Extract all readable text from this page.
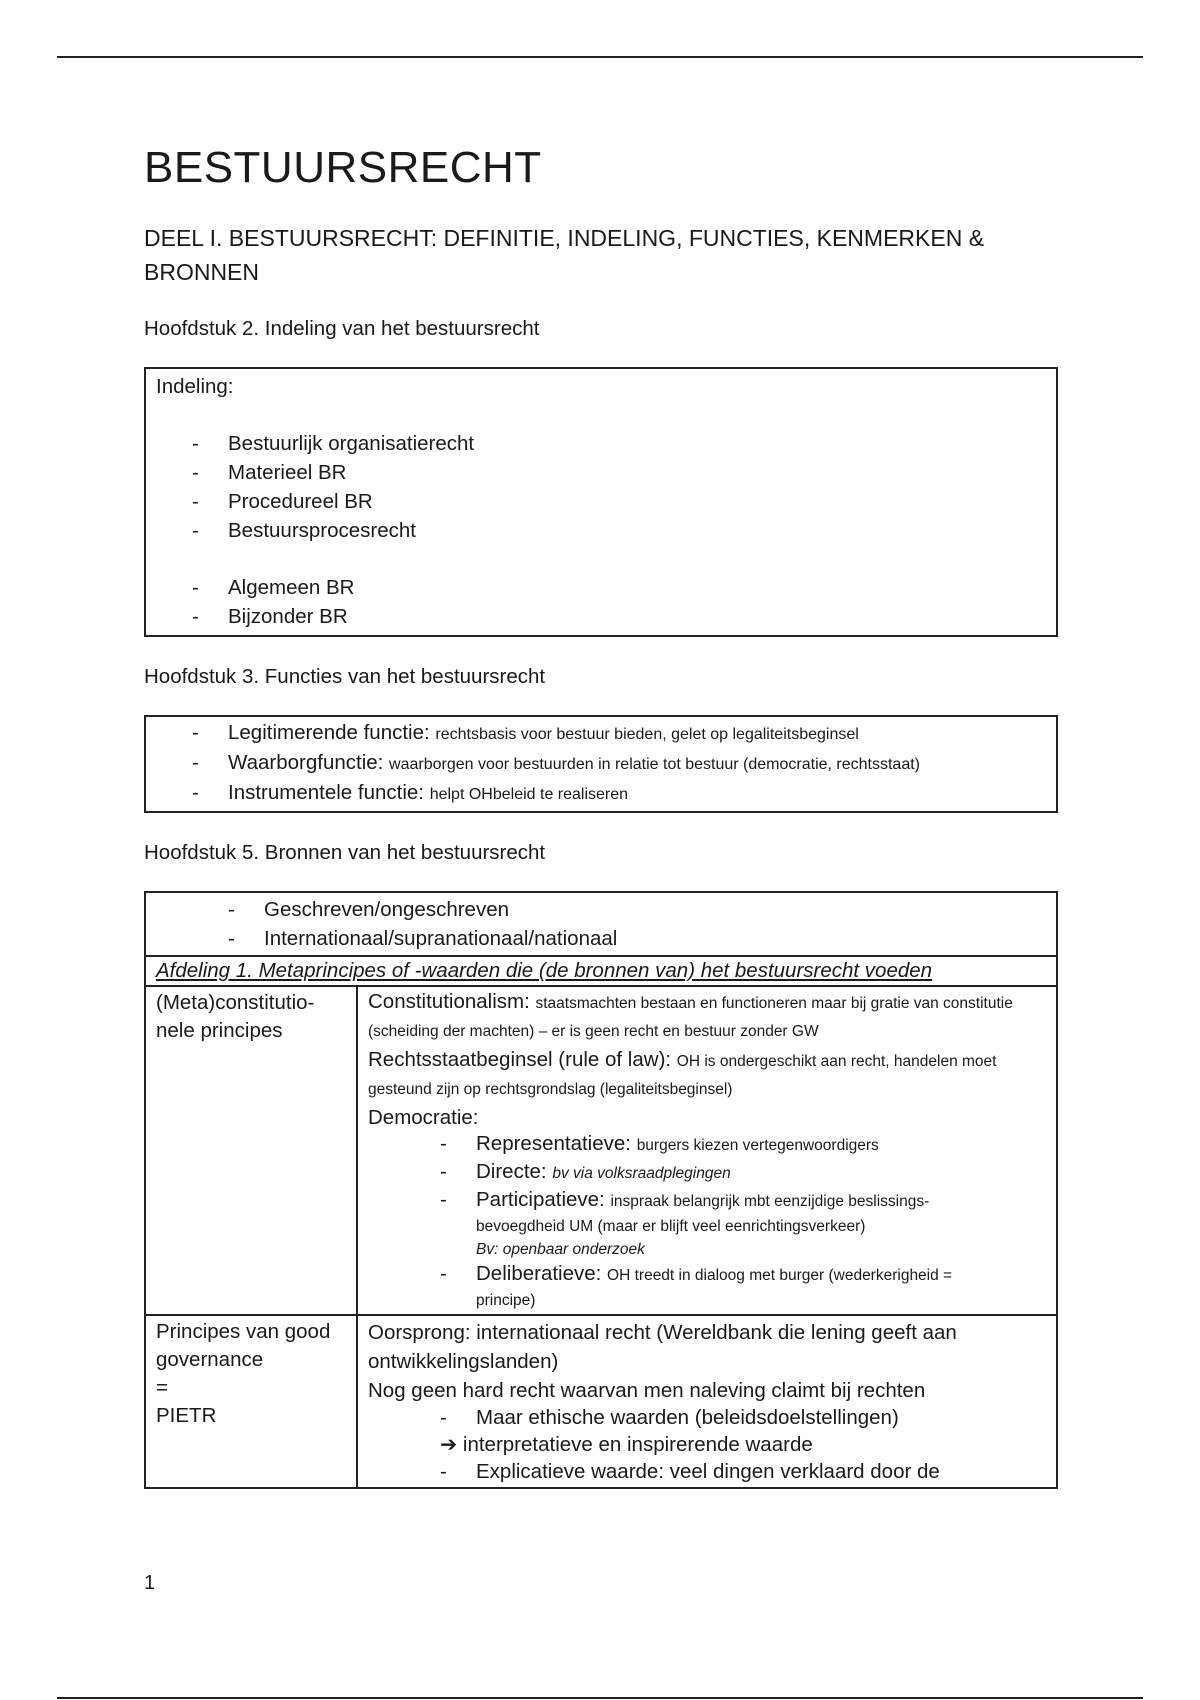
BESTUURSRECHT
DEEL I. BESTUURSRECHT: DEFINITIE, INDELING, FUNCTIES, KENMERKEN & BRONNEN
Hoofdstuk 2. Indeling van het bestuursrecht
Indeling:
- Bestuurlijk organisatierecht
- Materieel BR
- Procedureel BR
- Bestuursprocesrecht
- Algemeen BR
- Bijzonder BR
Hoofdstuk 3. Functies van het bestuursrecht
- Legitimerende functie: rechtsbasis voor bestuur bieden, gelet op legaliteitsbeginsel
- Waarborgfunctie: waarborgen voor bestuurden in relatie tot bestuur (democratie, rechtsstaat)
- Instrumentele functie: helpt OHbeleid te realiseren
Hoofdstuk 5. Bronnen van het bestuursrecht
- Geschreven/ongeschreven
- Internationaal/supranationaal/nationaal
Afdeling 1. Metaprincipes of -waarden die (de bronnen van) het bestuursrecht voeden
(Meta)constitutio-nele principes
Constitutionalism: staatsmachten bestaan en functioneren maar bij gratie van constitutie (scheiding der machten) – er is geen recht en bestuur zonder GW
Rechtsstaatbeginsel (rule of law): OH is ondergeschikt aan recht, handelen moet gesteund zijn op rechtsgrondslag (legaliteitsbeginsel)
Democratie:
- Representatieve: burgers kiezen vertegenwoordigers
- Directe: bv via volksraadplegingen
- Participatieve: inspraak belangrijk mbt eenzijdige beslissings-
bevoegdheid UM (maar er blijft veel eenrichtingsverkeer)
Bv: openbaar onderzoek
- Deliberatieve: OH treedt in dialoog met burger (wederkerigheid =
principe)
Principes van good governance
=
PIETR
Oorsprong: internationaal recht (Wereldbank die lening geeft aan ontwikkelingslanden)
Nog geen hard recht waarvan men naleving claimt bij rechten
- Maar ethische waarden (beleidsdoelstellingen)
➔ interpretatieve en inspirerende waarde
- Explicatieve waarde: veel dingen verklaard door de
1
